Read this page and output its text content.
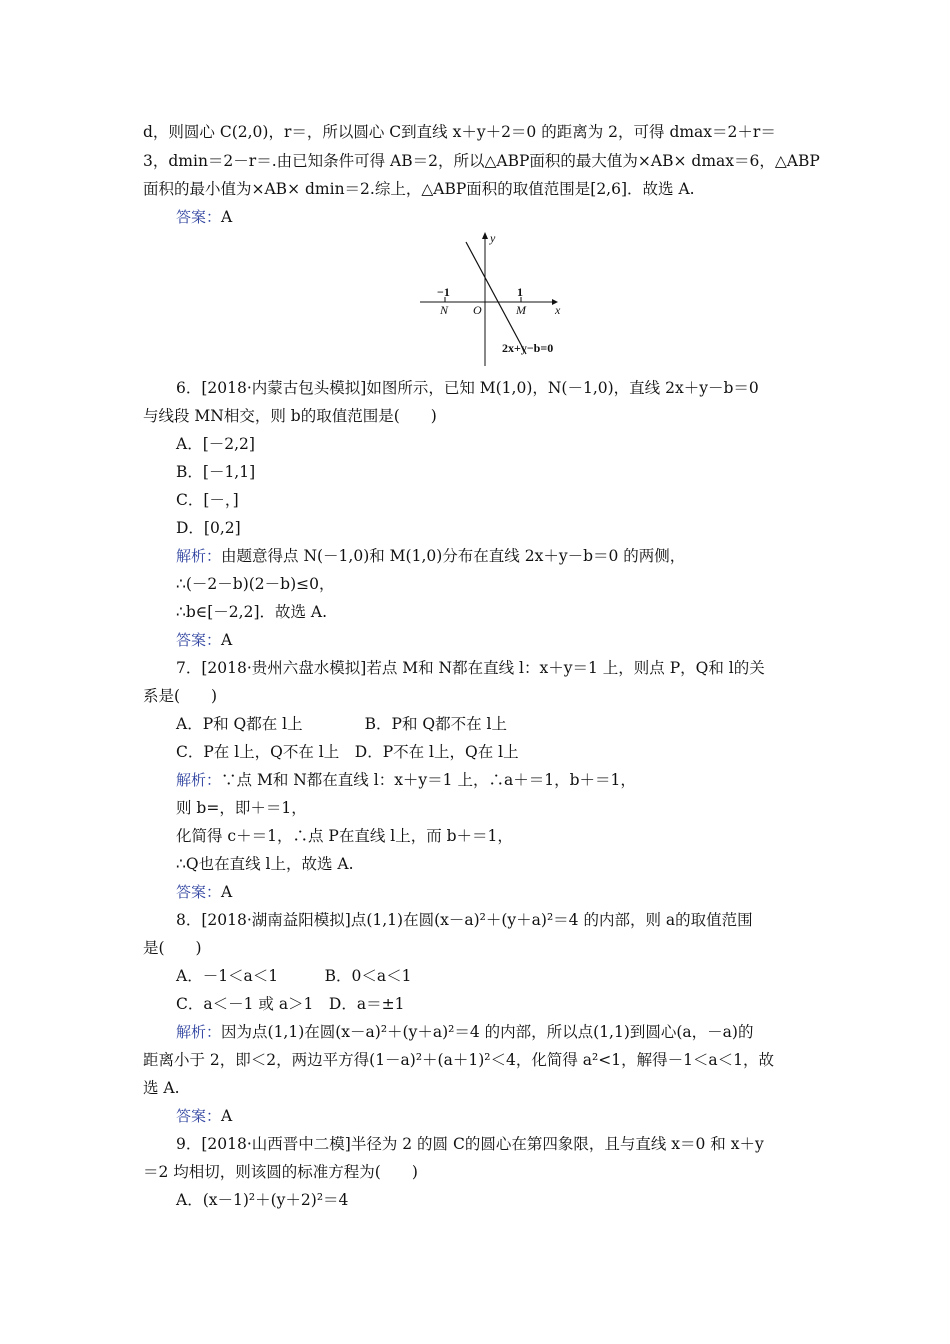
d，则圆心 C(2,0)，r＝，所以圆心 C到直线 x＋y＋2＝0 的距离为 2，可得 dmax＝2＋r＝
3，dmin＝2－r＝.由已知条件可得 AB＝2，所以△ABP面积的最大值为×AB× dmax＝6，△ABP
面积的最小值为×AB× dmin＝2.综上，△ABP面积的取值范围是[2,6]．故选 A.
答案：A
6．[2018·内蒙古包头模拟]如图所示，已知 M(1,0)，N(－1,0)，直线 2x＋y－b＝0
与线段 MN相交，则 b的取值范围是(　　)
A．[－2,2]
B．[－1,1]
C．[－，]
D．[0,2]
解析：由题意得点 N(－1,0)和 M(1,0)分布在直线 2x＋y－b＝0 的两侧，
∴(－2－b)(2－b)≤0，
∴b∈[－2,2]．故选 A.
答案：A
7．[2018·贵州六盘水模拟]若点 M和 N都在直线 l：x＋y＝1 上，则点 P，Q和 l的关
系是(　　)
A．P和 Q都在 l上　　　　B．P和 Q都不在 l上
C．P在 l上，Q不在 l上　D．P不在 l上，Q在 l上
解析：∵点 M和 N都在直线 l：x＋y＝1 上，∴a＋＝1，b＋＝1，
则 b=，即＋＝1，
化简得 c＋＝1，∴点 P在直线 l上，而 b＋＝1，
∴Q也在直线 l上，故选 A.
答案：A
8．[2018·湖南益阳模拟]点(1,1)在圆(x－a)²＋(y＋a)²＝4 的内部，则 a的取值范围
是(　　)
A．－1＜a＜1　　　B．0＜a＜1
C．a＜－1 或 a＞1　D．a＝±1
解析：因为点(1,1)在圆(x－a)²＋(y＋a)²＝4 的内部，所以点(1,1)到圆心(a，－a)的
距离小于 2，即＜2，两边平方得(1－a)²＋(a＋1)²＜4，化简得 a²<1，解得－1＜a＜1，故
选 A.
答案：A
9．[2018·山西晋中二模]半径为 2 的圆 C的圆心在第四象限，且与直线 x＝0 和 x＋y
＝2 均相切，则该圆的标准方程为(　　)
A．(x－1)²＋(y＋2)²＝4
y
x
−1	1
N O	M
2x+y−b=0
